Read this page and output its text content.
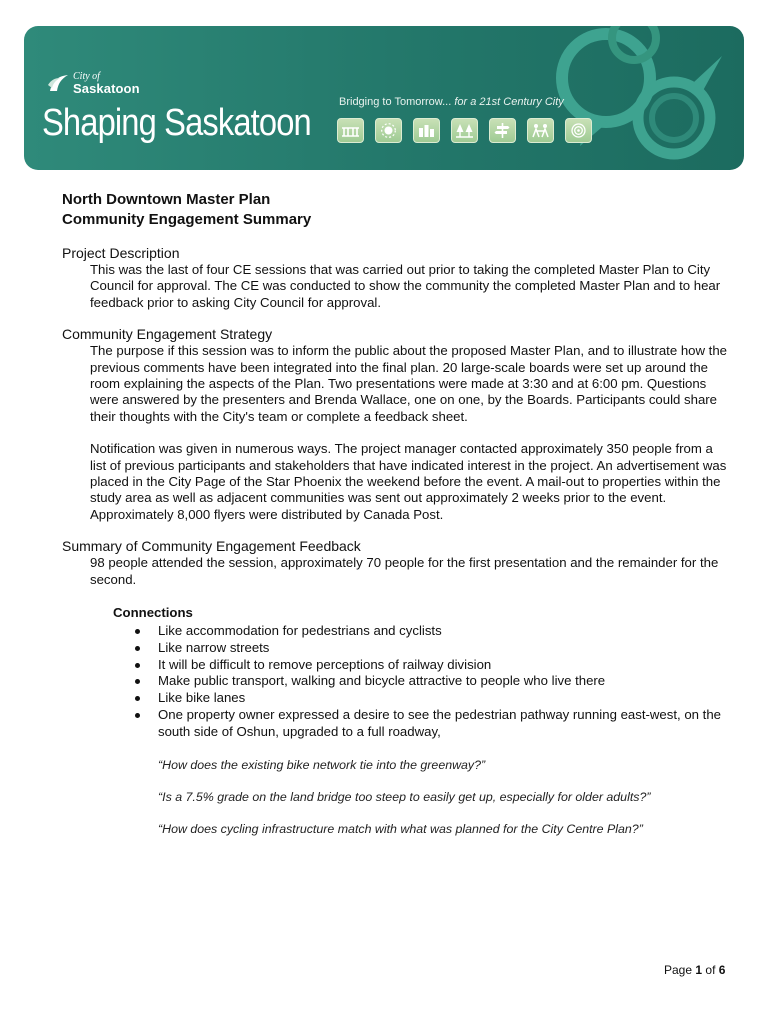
City of
Saskatoon
Shaping Saskatoon	Bridging to Tomorrow... for a 21st Century City
North Downtown Master Plan
Community Engagement Summary
Project Description
This was the last of four CE sessions that was carried out prior to taking the completed Master Plan to City Council for approval. The CE was conducted to show the community the completed Master Plan and to hear feedback prior to asking City Council for approval.
Community Engagement Strategy
The purpose if this session was to inform the public about the proposed Master Plan, and to illustrate how the previous comments have been integrated into the final plan. 20 large-scale boards were set up around the room explaining the aspects of the Plan. Two presentations were made at 3:30 and at 6:00 pm. Questions were answered by the presenters and Brenda Wallace, one on one, by the Boards. Participants could share their thoughts with the City's team or complete a feedback sheet.
Notification was given in numerous ways. The project manager contacted approximately 350 people from a list of previous participants and stakeholders that have indicated interest in the project. An advertisement was placed in the City Page of the Star Phoenix the weekend before the event. A mail-out to properties within the study area as well as adjacent communities was sent out approximately 2 weeks prior to the event. Approximately 8,000 flyers were distributed by Canada Post.
Summary of Community Engagement Feedback
98 people attended the session, approximately 70 people for the first presentation and the remainder for the second.
Connections
Like accommodation for pedestrians and cyclists
Like narrow streets
It will be difficult to remove perceptions of railway division
Make public transport, walking and bicycle attractive to people who live there
Like bike lanes
One property owner expressed a desire to see the pedestrian pathway running east-west, on the south side of Oshun, upgraded to a full roadway,
“How does the existing bike network tie into the greenway?”
“Is a 7.5% grade on the land bridge too steep to easily get up, especially for older adults?”
“How does cycling infrastructure match with what was planned for the City Centre Plan?”
Page 1 of 6
